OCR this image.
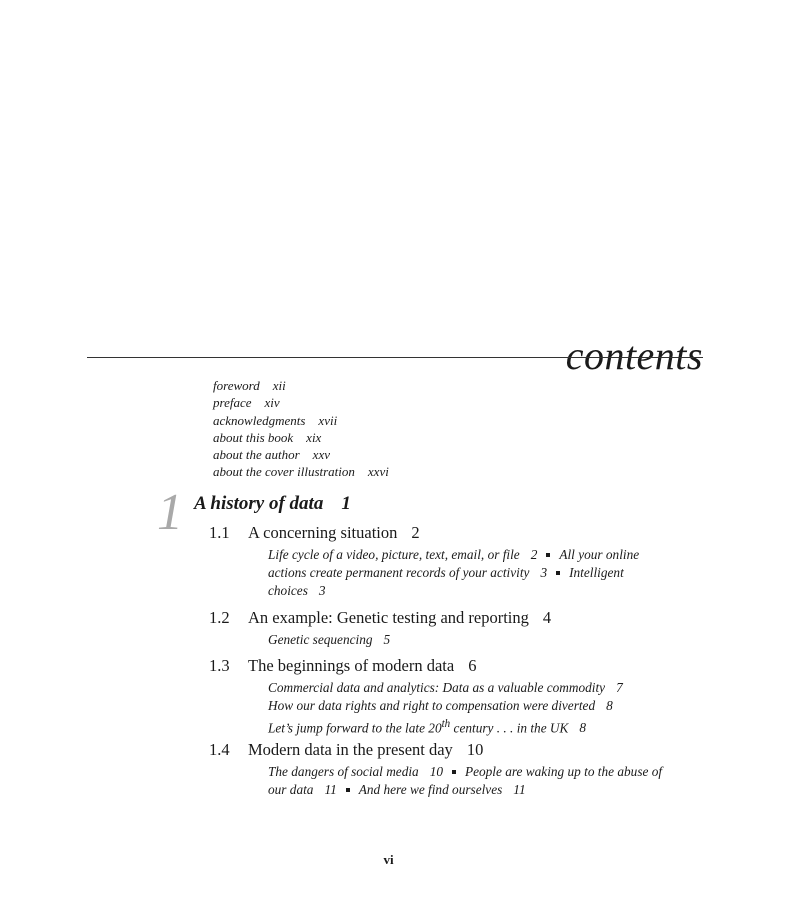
contents
foreword xii
preface xiv
acknowledgments xvii
about this book xix
about the author xxv
about the cover illustration xxvi
1 A history of data 1
1.1 A concerning situation 2
Life cycle of a video, picture, text, email, or file 2 All your online actions create permanent records of your activity 3 Intelligent choices 3
1.2 An example: Genetic testing and reporting 4
Genetic sequencing 5
1.3 The beginnings of modern data 6
Commercial data and analytics: Data as a valuable commodity 7
How our data rights and right to compensation were diverted 8
Let’s jump forward to the late 20th century . . . in the UK 8
1.4 Modern data in the present day 10
The dangers of social media 10 People are waking up to the abuse of our data 11 And here we find ourselves 11
vi
